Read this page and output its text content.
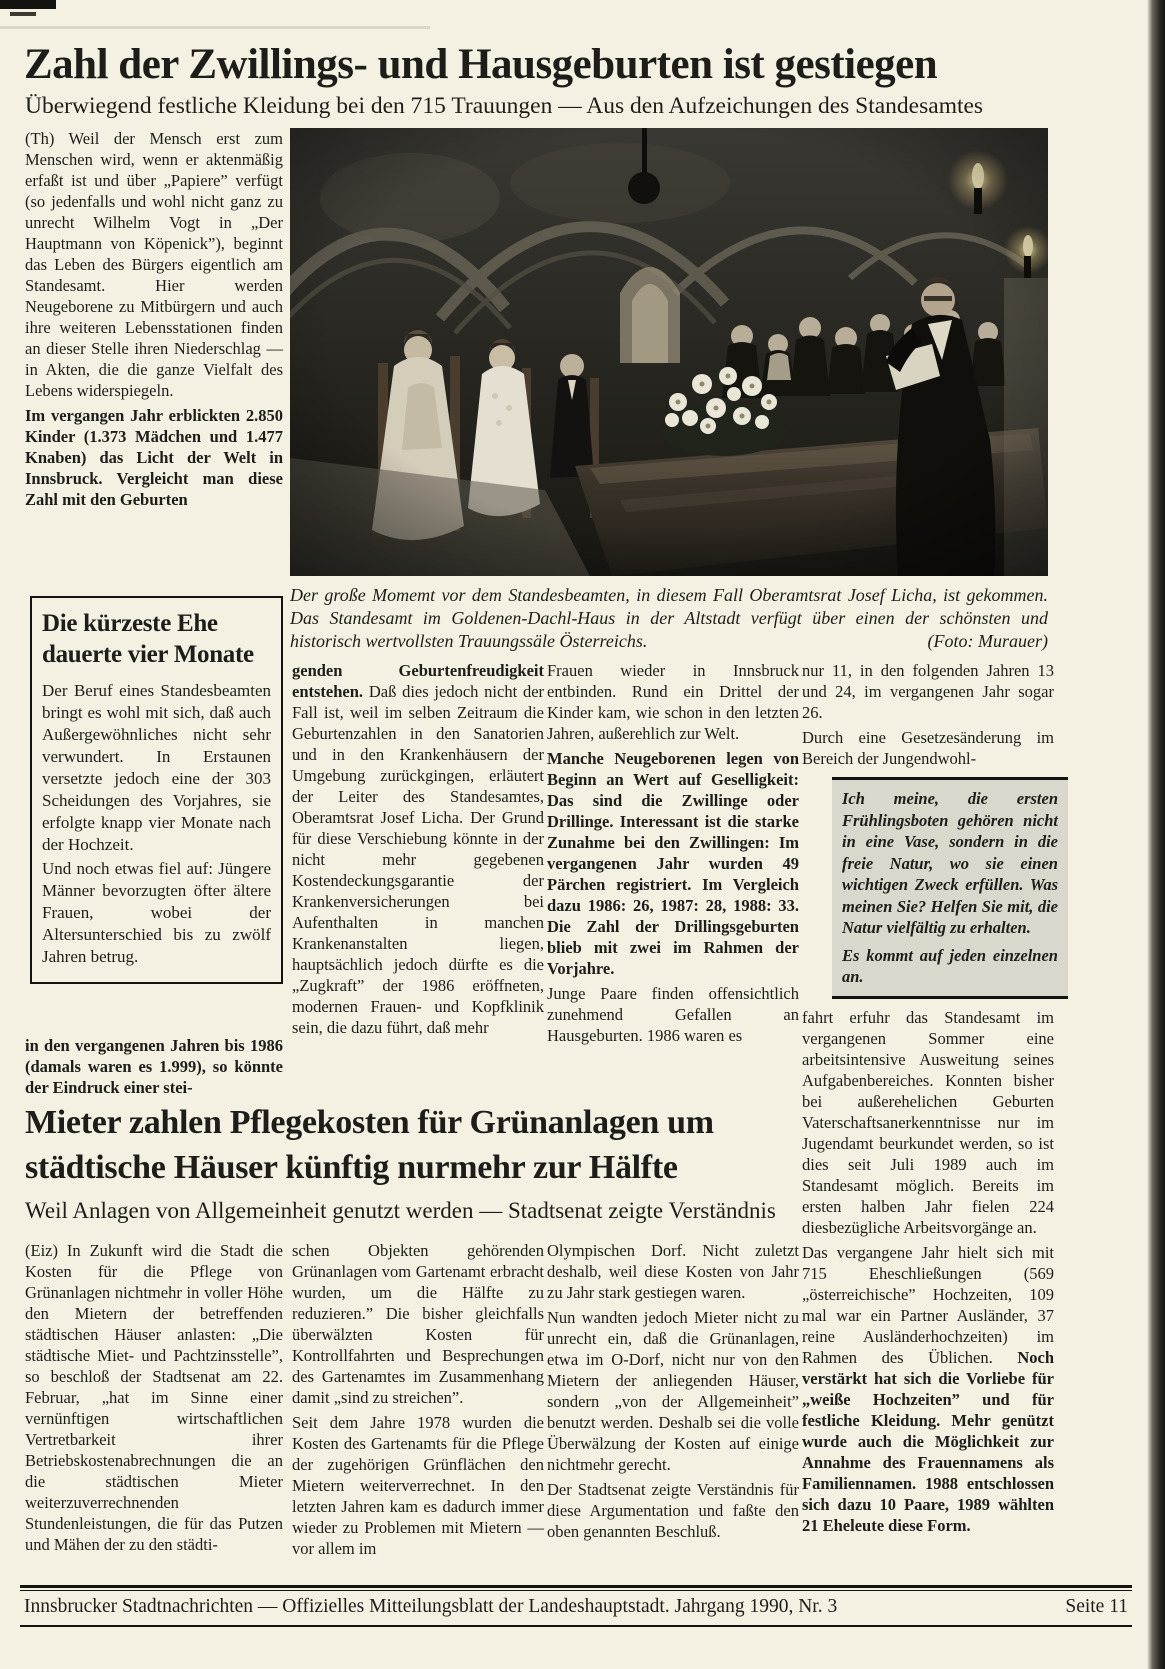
Zahl der Zwillings- und Hausgeburten ist gestiegen
Überwiegend festliche Kleidung bei den 715 Trauungen — Aus den Aufzeichungen des Standesamtes

(Th) Weil der Mensch erst zum Menschen wird, wenn er aktenmäßig erfaßt ist und über „Papiere” verfügt (so jedenfalls und wohl nicht ganz zu unrecht Wilhelm Vogt in „Der Hauptmann von Köpenick”), beginnt das Leben des Bürgers eigentlich am Standesamt. Hier werden Neugeborene zu Mitbürgern und auch ihre weiteren Lebensstationen finden an dieser Stelle ihren Niederschlag — in Akten, die die ganze Vielfalt des Lebens widerspiegeln.

Im vergangen Jahr erblickten 2.850 Kinder (1.373 Mädchen und 1.477 Knaben) das Licht der Welt in Innsbruck. Vergleicht man diese Zahl mit den Geburten

Der große Momemt vor dem Standesbeamten, in diesem Fall Oberamtsrat Josef Licha, ist gekommen. Das Standesamt im Goldenen-Dachl-Haus in der Altstadt verfügt über einen der schönsten und historisch wertvollsten Trauungssäle Österreichs.	(Foto: Murauer)
Die kürzeste Ehe dauerte vier Monate

Der Beruf eines Standesbeamten bringt es wohl mit sich, daß auch Außergewöhnliches nicht sehr verwundert. In Erstaunen versetzte jedoch eine der 303 Scheidungen des Vorjahres, sie erfolgte knapp vier Monate nach der Hochzeit.

Und noch etwas fiel auf: Jüngere Männer bevorzugten öfter ältere Frauen, wobei der Altersunterschied bis zu zwölf Jahren betrug.

in den vergangenen Jahren bis 1986 (damals waren es 1.999), so könnte der Eindruck einer stei-

genden Geburtenfreudigkeit entstehen. Daß dies jedoch nicht der Fall ist, weil im selben Zeitraum die Geburtenzahlen in den Sanatorien und in den Krankenhäusern der Umgebung zurückgingen, erläutert der Leiter des Standesamtes, Oberamtsrat Josef Licha. Der Grund für diese Verschiebung könnte in der nicht mehr gegebenen Kostendeckungsgarantie der Krankenversicherungen bei Aufenthalten in manchen Krankenanstalten liegen, hauptsächlich jedoch dürfte es die „Zugkraft” der 1986 eröffneten, modernen Frauen- und Kopfklinik sein, die dazu führt, daß mehr

Frauen wieder in Innsbruck entbinden. Rund ein Drittel der Kinder kam, wie schon in den letzten Jahren, außerehlich zur Welt.

Manche Neugeborenen legen von Beginn an Wert auf Geselligkeit: Das sind die Zwillinge oder Drillinge. Interessant ist die starke Zunahme bei den Zwillingen: Im vergangenen Jahr wurden 49 Pärchen registriert. Im Vergleich dazu 1986: 26, 1987: 28, 1988: 33. Die Zahl der Drillingsgeburten blieb mit zwei im Rahmen der Vorjahre.

Junge Paare finden offensichtlich zunehmend Gefallen an Hausgeburten. 1986 waren es

nur 11, in den folgenden Jahren 13 und 24, im vergangenen Jahr sogar 26.

Durch eine Gesetzesänderung im Bereich der Jungendwohl-

Ich meine, die ersten Frühlingsboten gehören nicht in eine Vase, sondern in die freie Natur, wo sie einen wichtigen Zweck erfüllen. Was meinen Sie? Helfen Sie mit, die Natur vielfältig zu erhalten.

Es kommt auf jeden einzelnen an.

fahrt erfuhr das Standesamt im vergangenen Sommer eine arbeitsintensive Ausweitung seines Aufgabenbereiches. Konnten bisher bei außerehelichen Geburten Vaterschaftsanerkenntnisse nur im Jugendamt beurkundet werden, so ist dies seit Juli 1989 auch im Standesamt möglich. Bereits im ersten halben Jahr fielen 224 diesbezügliche Arbeitsvorgänge an.

Das vergangene Jahr hielt sich mit 715 Eheschließungen (569 „österreichische” Hochzeiten, 109 mal war ein Partner Ausländer, 37 reine Ausländerhochzeiten) im Rahmen des Üblichen. Noch verstärkt hat sich die Vorliebe für „weiße Hochzeiten” und für festliche Kleidung. Mehr genützt wurde auch die Möglichkeit zur Annahme des Frauennamens als Familiennamen. 1988 entschlossen sich dazu 10 Paare, 1989 wählten 21 Eheleute diese Form.

Mieter zahlen Pflegekosten für Grünanlagen um
städtische Häuser künftig nurmehr zur Hälfte
Weil Anlagen von Allgemeinheit genutzt werden — Stadtsenat zeigte Verständnis

(Eiz) In Zukunft wird die Stadt die Kosten für die Pflege von Grünanlagen nichtmehr in voller Höhe den Mietern der betreffenden städtischen Häuser anlasten: „Die städtische Miet- und Pachtzinsstelle”, so beschloß der Stadtsenat am 22. Februar, „hat im Sinne einer vernünftigen wirtschaftlichen Vertretbarkeit ihrer Betriebskostenabrechnungen die an die städtischen Mieter weiterzuverrechnenden Stundenleistungen, die für das Putzen und Mähen der zu den städti-

schen Objekten gehörenden Grünanlagen vom Gartenamt erbracht wurden, um die Hälfte zu reduzieren.” Die bisher gleichfalls überwälzten Kosten für Kontrollfahrten und Besprechungen des Gartenamtes im Zusammenhang damit „sind zu streichen”.

Seit dem Jahre 1978 wurden die Kosten des Gartenamts für die Pflege der zugehörigen Grünflächen den Mietern weiterverrechnet. In den letzten Jahren kam es dadurch immer wieder zu Problemen mit Mietern — vor allem im

Olympischen Dorf. Nicht zuletzt deshalb, weil diese Kosten von Jahr zu Jahr stark gestiegen waren.

Nun wandten jedoch Mieter nicht zu unrecht ein, daß die Grünanlagen, etwa im O-Dorf, nicht nur von den Mietern der anliegenden Häuser, sondern „von der Allgemeinheit” benutzt werden. Deshalb sei die volle Überwälzung der Kosten auf einige nichtmehr gerecht.

Der Stadtsenat zeigte Verständnis für diese Argumentation und faßte den oben genannten Beschluß.

Innsbrucker Stadtnachrichten — Offizielles Mitteilungsblatt der Landeshauptstadt. Jahrgang 1990, Nr. 3	Seite 11
